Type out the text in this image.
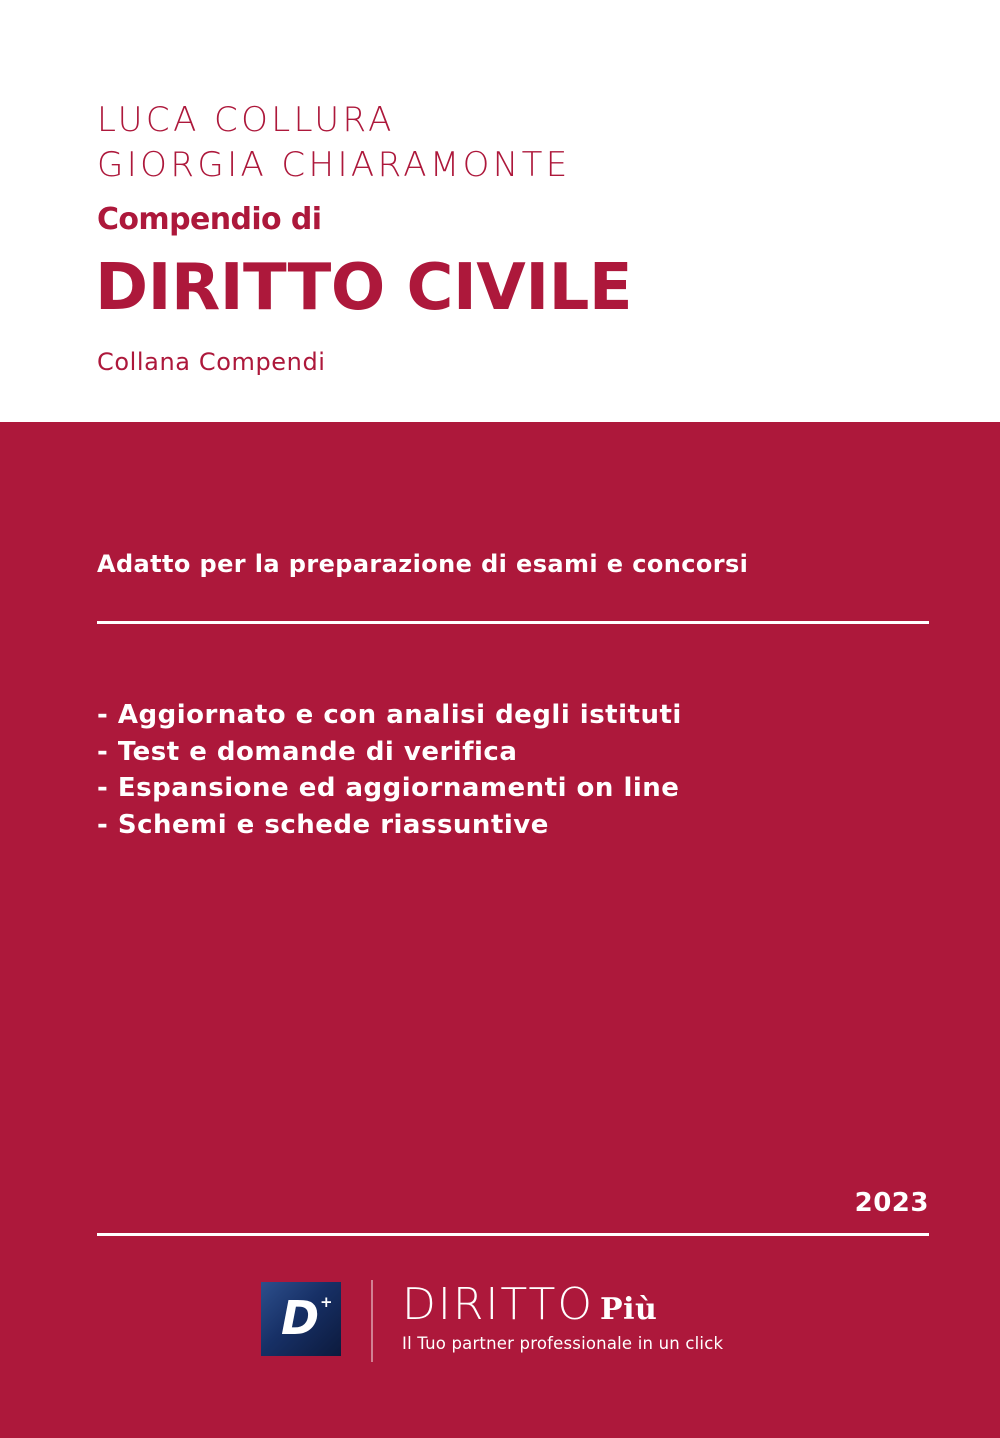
LUCA COLLURA
GIORGIA CHIARAMONTE
Compendio di
DIRITTO CIVILE
Collana Compendi
Adatto per la preparazione di esami e concorsi
- Aggiornato e con analisi degli istituti
- Test e domande di verifica
- Espansione ed aggiornamenti on line
- Schemi e schede riassuntive
2023
D + DIRITTO Più
Il Tuo partner professionale in un click
